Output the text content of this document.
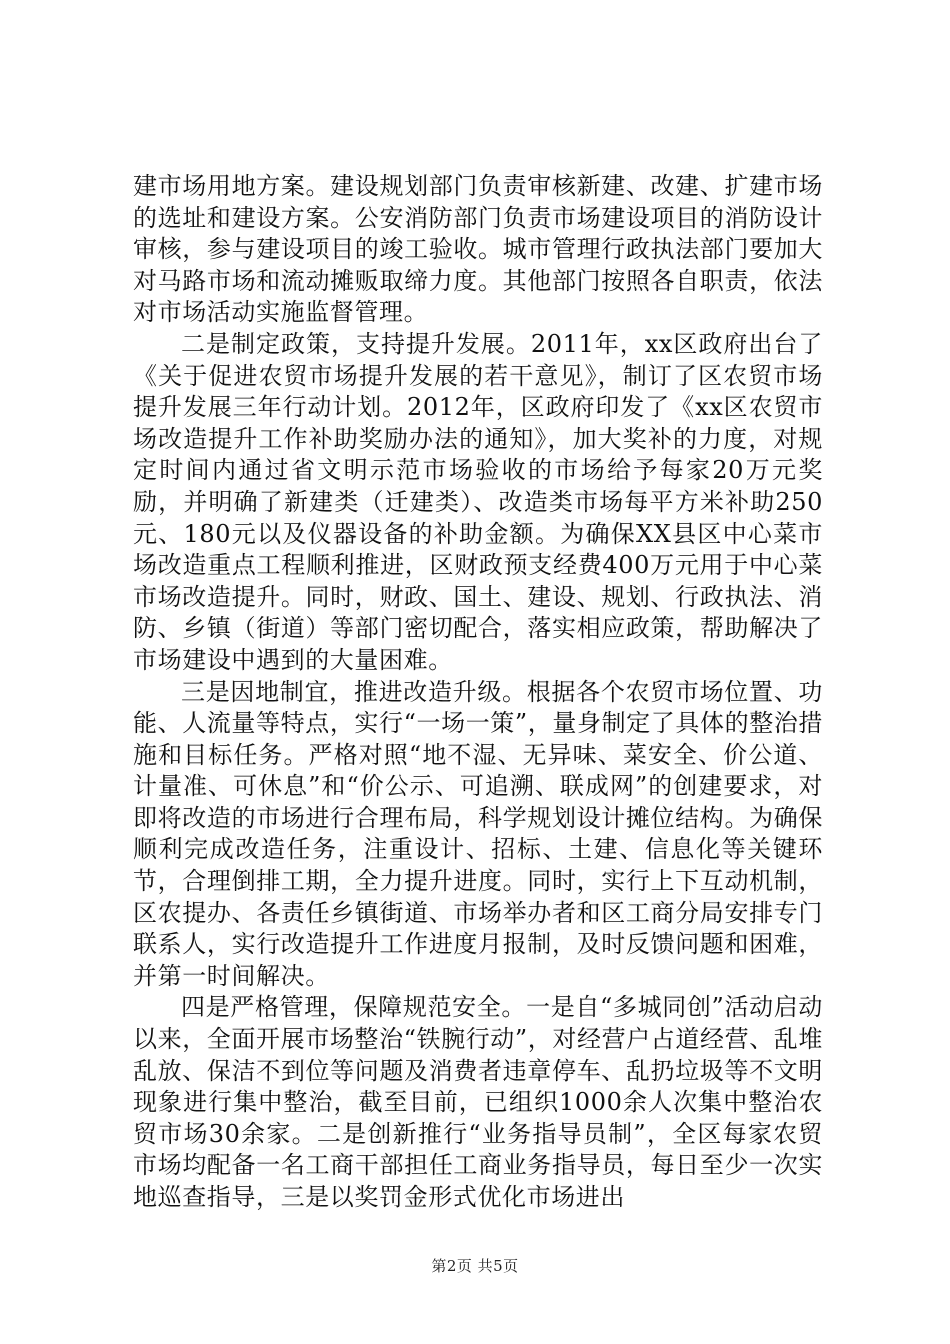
建市场用地方案。建设规划部门负责审核新建、改建、扩建市场的选址和建设方案。公安消防部门负责市场建设项目的消防设计审核，参与建设项目的竣工验收。城市管理行政执法部门要加大对马路市场和流动摊贩取缔力度。其他部门按照各自职责，依法对市场活动实施监督管理。

二是制定政策，支持提升发展。2011年，xx区政府出台了《关于促进农贸市场提升发展的若干意见》，制订了区农贸市场提升发展三年行动计划。2012年，区政府印发了《xx区农贸市场改造提升工作补助奖励办法的通知》，加大奖补的力度，对规定时间内通过省文明示范市场验收的市场给予每家20万元奖励，并明确了新建类（迁建类）、改造类市场每平方米补助250元、180元以及仪器设备的补助金额。为确保XX县区中心菜市场改造重点工程顺利推进，区财政预支经费400万元用于中心菜市场改造提升。同时，财政、国土、建设、规划、行政执法、消防、乡镇（街道）等部门密切配合，落实相应政策，帮助解决了市场建设中遇到的大量困难。

三是因地制宜，推进改造升级。根据各个农贸市场位置、功能、人流量等特点，实行“一场一策”，量身制定了具体的整治措施和目标任务。严格对照“地不湿、无异味、菜安全、价公道、计量准、可休息”和“价公示、可追溯、联成网”的创建要求，对即将改造的市场进行合理布局，科学规划设计摊位结构。为确保顺利完成改造任务，注重设计、招标、土建、信息化等关键环节，合理倒排工期，全力提升进度。同时，实行上下互动机制，区农提办、各责任乡镇街道、市场举办者和区工商分局安排专门联系人，实行改造提升工作进度月报制，及时反馈问题和困难，并第一时间解决。

四是严格管理，保障规范安全。一是自“多城同创”活动启动以来，全面开展市场整治“铁腕行动”，对经营户占道经营、乱堆乱放、保洁不到位等问题及消费者违章停车、乱扔垃圾等不文明现象进行集中整治，截至目前，已组织1000余人次集中整治农贸市场30余家。二是创新推行“业务指导员制”，全区每家农贸市场均配备一名工商干部担任工商业务指导员，每日至少一次实地巡查指导，三是以奖罚金形式优化市场进出

第2页 共5页
